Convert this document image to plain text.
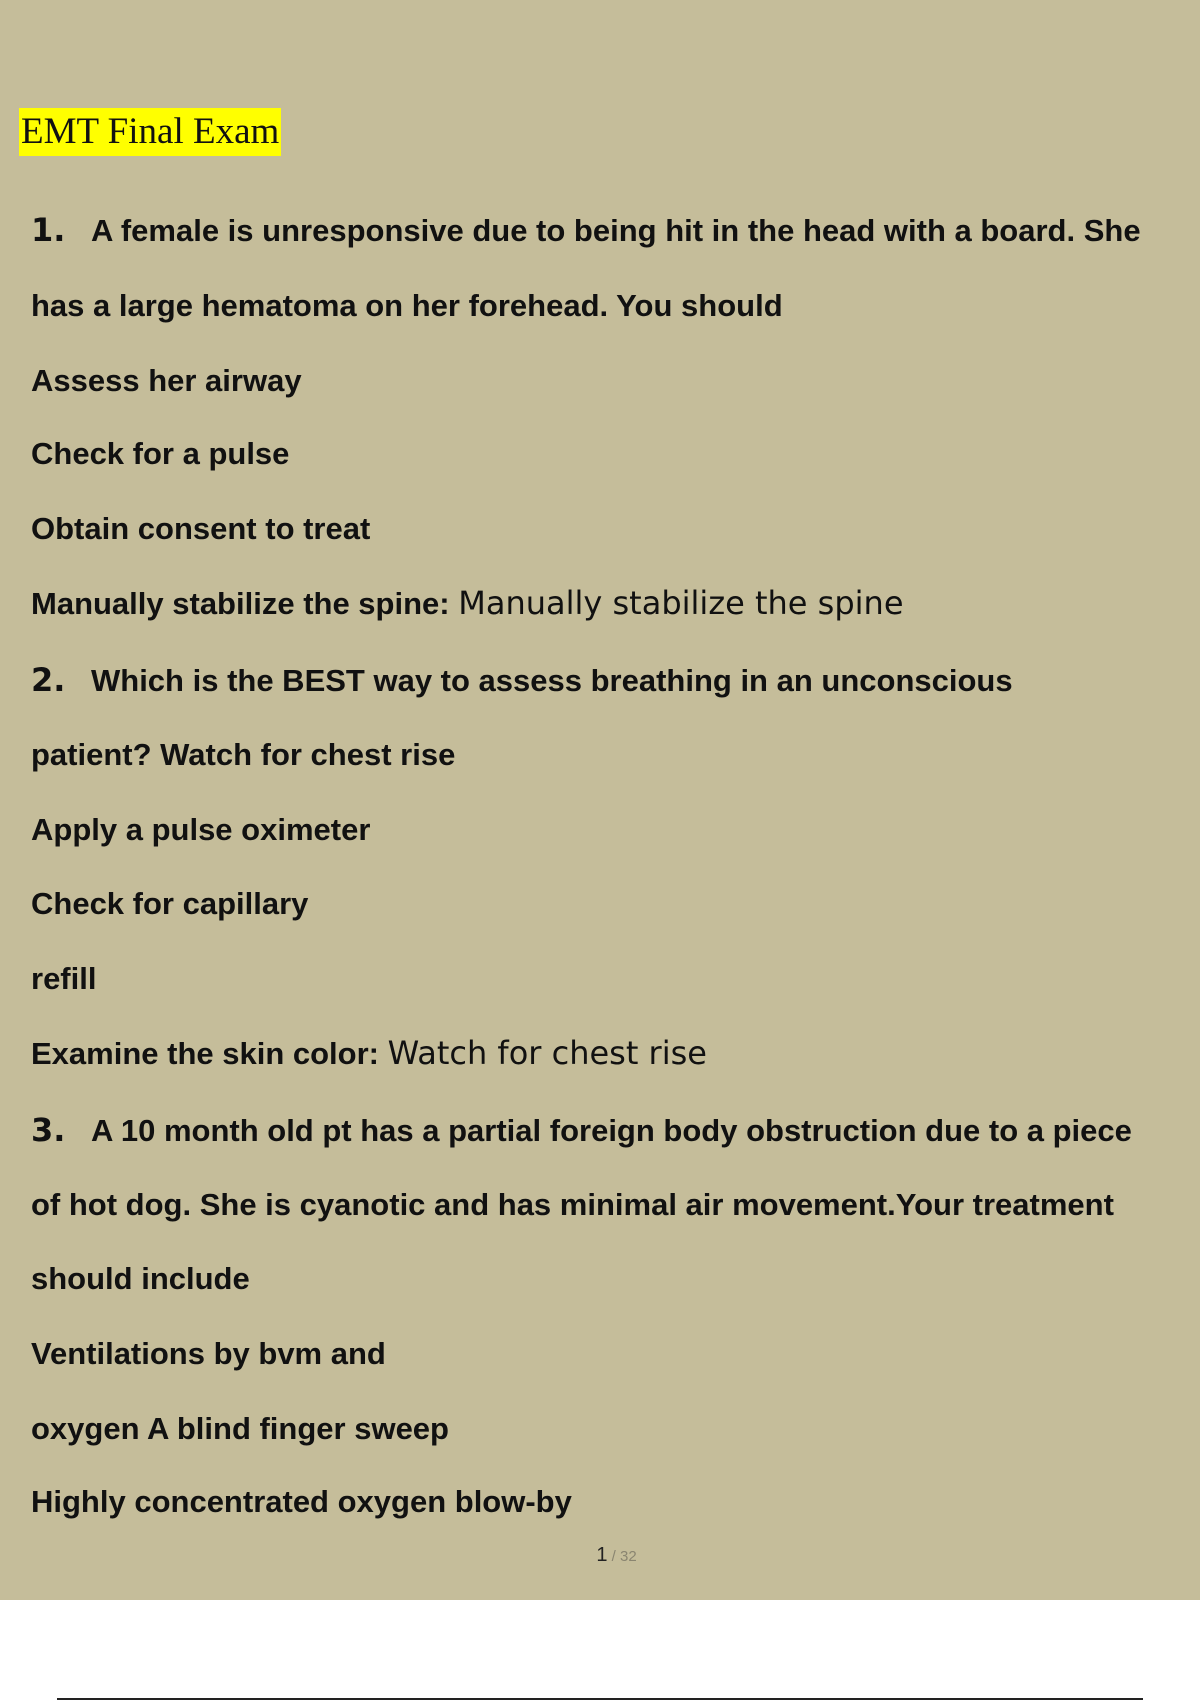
EMT Final Exam
1. A female is unresponsive due to being hit in the head with a board. She
has a large hematoma on her forehead. You should
Assess her airway
Check for a pulse
Obtain consent to treat
Manually stabilize the spine: Manually stabilize the spine
2. Which is the BEST way to assess breathing in an unconscious
patient? Watch for chest rise
Apply a pulse oximeter
Check for capillary
refill
Examine the skin color: Watch for chest rise
3. A 10 month old pt has a partial foreign body obstruction due to a piece
of hot dog. She is cyanotic and has minimal air movement.Your treatment
should include
Ventilations by bvm and
oxygen A blind finger sweep
Highly concentrated oxygen blow-by
1 / 32
